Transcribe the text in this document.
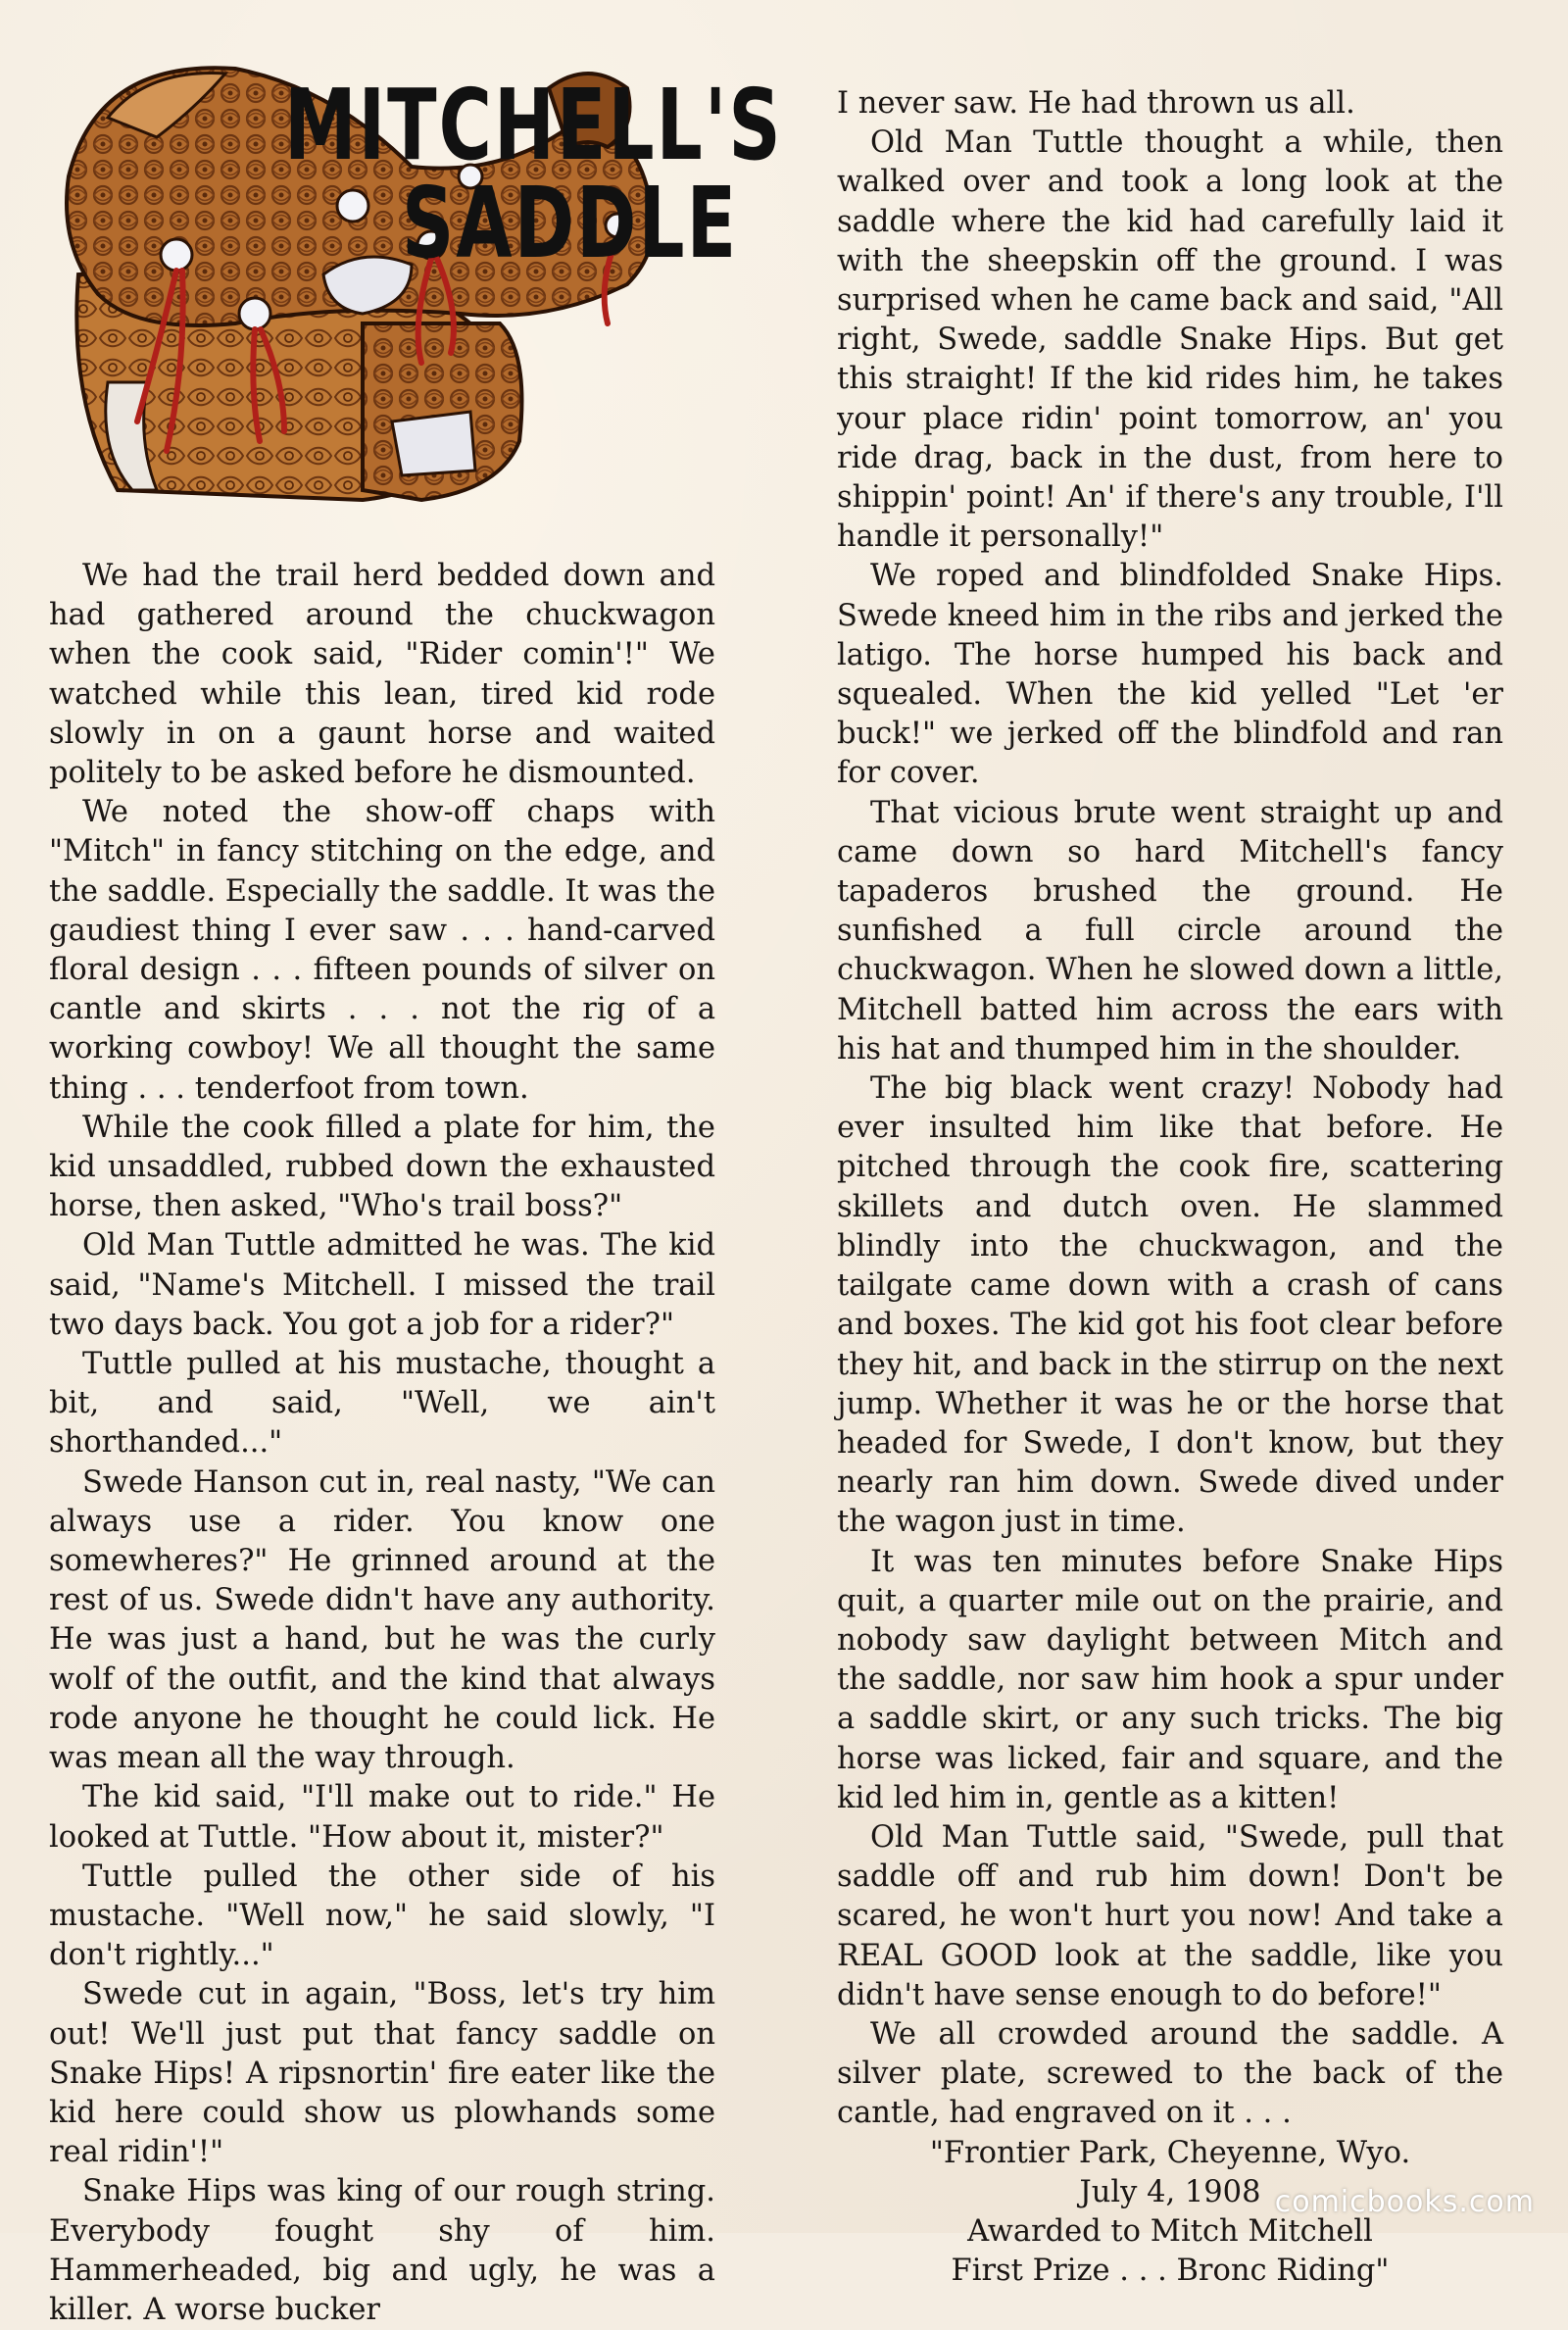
MITCHELL'S
SADDLE

We had the trail herd bedded down and had gathered around the chuckwagon when the cook said, "Rider comin'!" We watched while this lean, tired kid rode slowly in on a gaunt horse and waited politely to be asked before he dismounted.

We noted the show-off chaps with "Mitch" in fancy stitching on the edge, and the saddle. Especially the saddle. It was the gaudiest thing I ever saw . . . hand-carved floral design . . . fifteen pounds of silver on cantle and skirts . . . not the rig of a working cowboy! We all thought the same thing . . . tenderfoot from town.

While the cook filled a plate for him, the kid unsaddled, rubbed down the exhausted horse, then asked, "Who's trail boss?"

Old Man Tuttle admitted he was. The kid said, "Name's Mitchell. I missed the trail two days back. You got a job for a rider?"

Tuttle pulled at his mustache, thought a bit, and said, "Well, we ain't shorthanded..."

Swede Hanson cut in, real nasty, "We can always use a rider. You know one somewheres?" He grinned around at the rest of us. Swede didn't have any authority. He was just a hand, but he was the curly wolf of the outfit, and the kind that always rode anyone he thought he could lick. He was mean all the way through.

The kid said, "I'll make out to ride." He looked at Tuttle. "How about it, mister?"

Tuttle pulled the other side of his mustache. "Well now," he said slowly, "I don't rightly..."

Swede cut in again, "Boss, let's try him out! We'll just put that fancy saddle on Snake Hips! A ripsnortin' fire eater like the kid here could show us plowhands some real ridin'!"

Snake Hips was king of our rough string. Everybody fought shy of him. Hammerheaded, big and ugly, he was a killer. A worse bucker

I never saw. He had thrown us all.

Old Man Tuttle thought a while, then walked over and took a long look at the saddle where the kid had carefully laid it with the sheepskin off the ground. I was surprised when he came back and said, "All right, Swede, saddle Snake Hips. But get this straight! If the kid rides him, he takes your place ridin' point tomorrow, an' you ride drag, back in the dust, from here to shippin' point! An' if there's any trouble, I'll handle it personally!"

We roped and blindfolded Snake Hips. Swede kneed him in the ribs and jerked the latigo. The horse humped his back and squealed. When the kid yelled "Let 'er buck!" we jerked off the blindfold and ran for cover.

That vicious brute went straight up and came down so hard Mitchell's fancy tapaderos brushed the ground. He sunfished a full circle around the chuckwagon. When he slowed down a little, Mitchell batted him across the ears with his hat and thumped him in the shoulder.

The big black went crazy! Nobody had ever insulted him like that before. He pitched through the cook fire, scattering skillets and dutch oven. He slammed blindly into the chuckwagon, and the tailgate came down with a crash of cans and boxes. The kid got his foot clear before they hit, and back in the stirrup on the next jump. Whether it was he or the horse that headed for Swede, I don't know, but they nearly ran him down. Swede dived under the wagon just in time.

It was ten minutes before Snake Hips quit, a quarter mile out on the prairie, and nobody saw daylight between Mitch and the saddle, nor saw him hook a spur under a saddle skirt, or any such tricks. The big horse was licked, fair and square, and the kid led him in, gentle as a kitten!

Old Man Tuttle said, "Swede, pull that saddle off and rub him down! Don't be scared, he won't hurt you now! And take a REAL GOOD look at the saddle, like you didn't have sense enough to do before!"

We all crowded around the saddle. A silver plate, screwed to the back of the cantle, had engraved on it . . .

"Frontier Park, Cheyenne, Wyo.
July 4, 1908
Awarded to Mitch Mitchell
First Prize . . . Bronc Riding"
comicbooks.com
